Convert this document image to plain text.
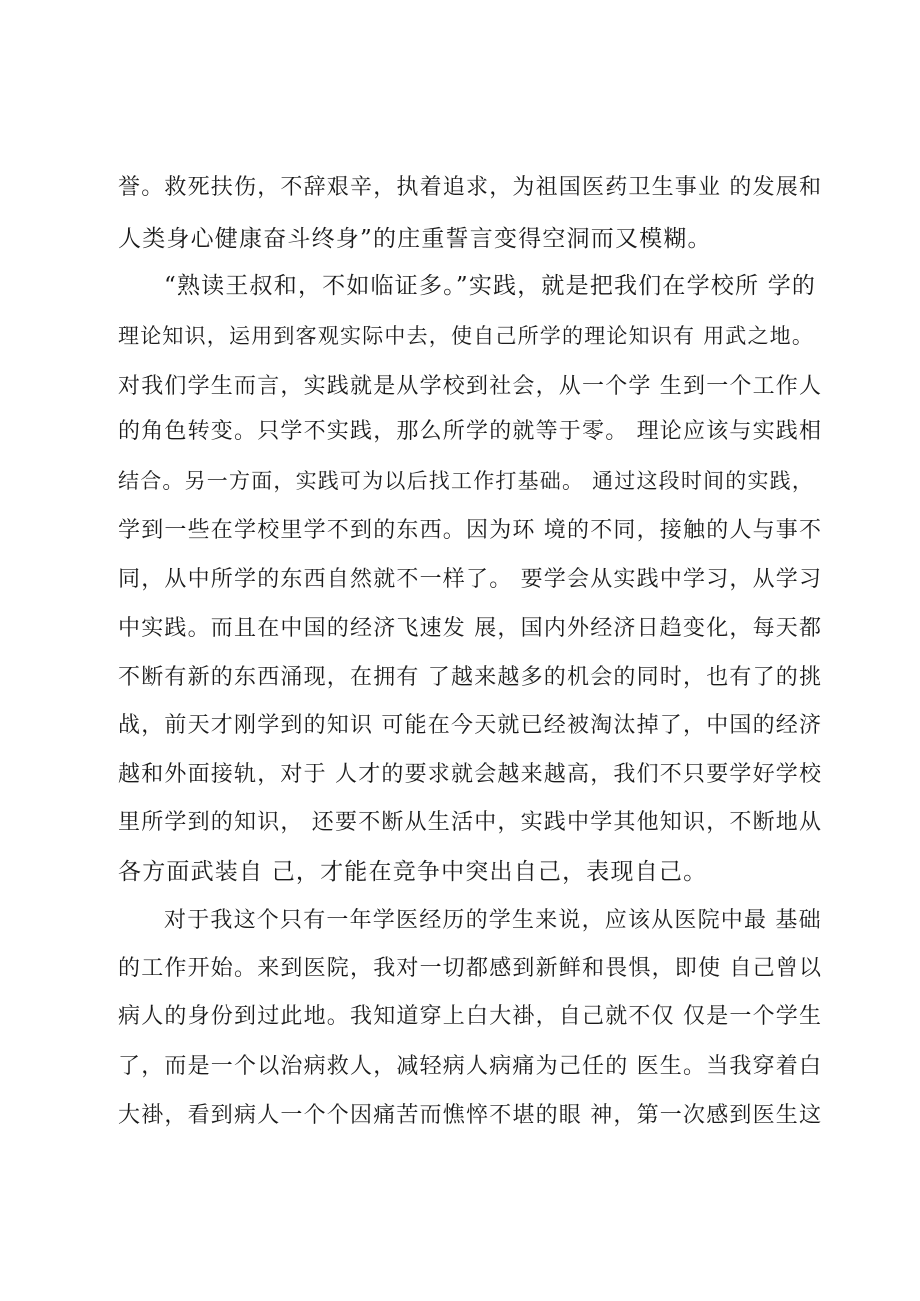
誉。救死扶伤，不辞艰辛，执着追求，为祖国医药卫生事业 的发展和
人类身心健康奋斗终身”的庄重誓言变得空洞而又模糊。
“熟读王叔和，不如临证多。”实践，就是把我们在学校所 学的
理论知识，运用到客观实际中去，使自己所学的理论知识有 用武之地。
对我们学生而言，实践就是从学校到社会，从一个学 生到一个工作人
的角色转变。只学不实践，那么所学的就等于零。 理论应该与实践相
结合。另一方面，实践可为以后找工作打基础。 通过这段时间的实践，
学到一些在学校里学不到的东西。因为环 境的不同，接触的人与事不
同，从中所学的东西自然就不一样了。 要学会从实践中学习，从学习
中实践。而且在中国的经济飞速发 展，国内外经济日趋变化，每天都
不断有新的东西涌现，在拥有 了越来越多的机会的同时，也有了的挑
战，前天才刚学到的知识 可能在今天就已经被淘汰掉了，中国的经济
越和外面接轨，对于 人才的要求就会越来越高，我们不只要学好学校
里所学到的知识， 还要不断从生活中，实践中学其他知识，不断地从
各方面武装自 己，才能在竞争中突出自己，表现自己。
对于我这个只有一年学医经历的学生来说，应该从医院中最 基础
的工作开始。来到医院，我对一切都感到新鲜和畏惧，即使 自己曾以
病人的身份到过此地。我知道穿上白大褂，自己就不仅 仅是一个学生
了，而是一个以治病救人，减轻病人病痛为己任的 医生。当我穿着白
大褂，看到病人一个个因痛苦而憔悴不堪的眼 神，第一次感到医生这
